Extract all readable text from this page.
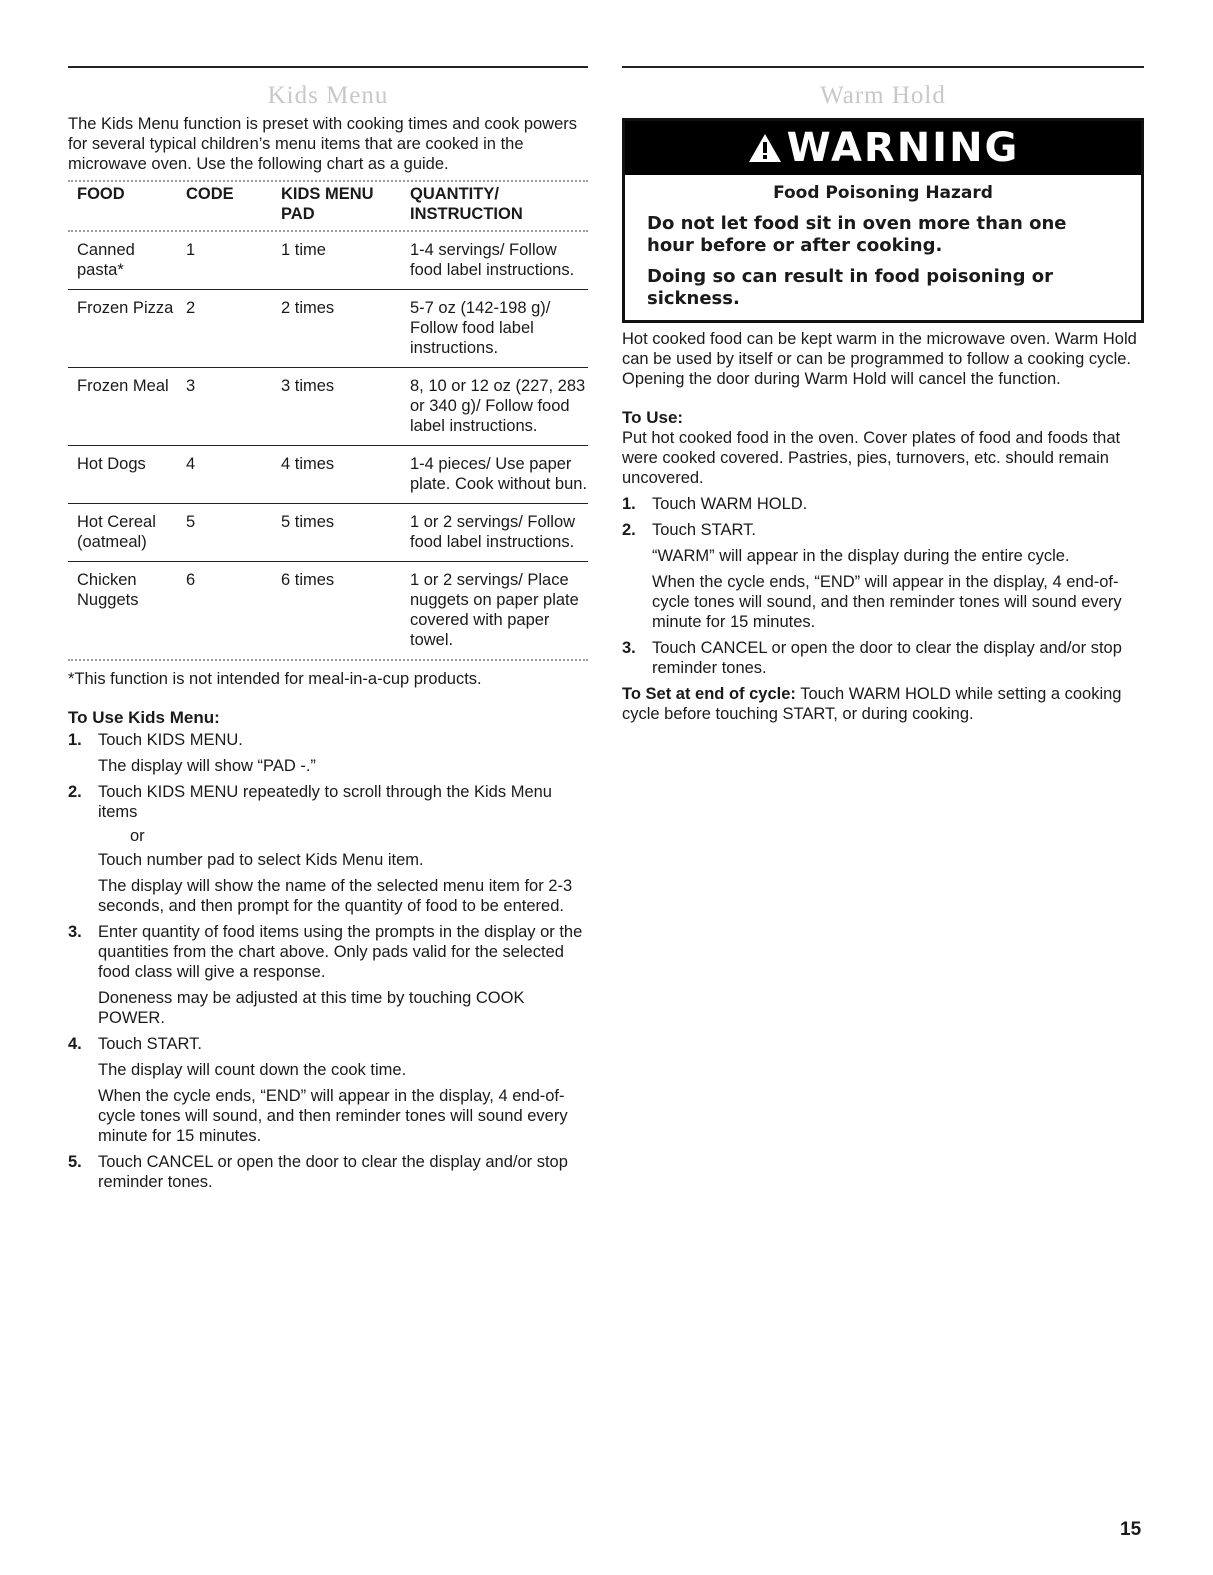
Kids Menu

The Kids Menu function is preset with cooking times and cook powers for several typical children’s menu items that are cooked in the microwave oven. Use the following chart as a guide.

FOOD	CODE	KIDS MENU PAD	QUANTITY/ INSTRUCTION

Canned pasta*	1	1 time	1-4 servings/ Follow food label instructions.
Frozen Pizza	2	2 times	5-7 oz (142-198 g)/ Follow food label instructions.
Frozen Meal	3	3 times	8, 10 or 12 oz (227, 283 or 340 g)/ Follow food label instructions.
Hot Dogs	4	4 times	1-4 pieces/ Use paper plate. Cook without bun.
Hot Cereal (oatmeal)	5	5 times	1 or 2 servings/ Follow food label instructions.
Chicken Nuggets	6	6 times	1 or 2 servings/ Place nuggets on paper plate covered with paper towel.

*This function is not intended for meal-in-a-cup products.

To Use Kids Menu:
1. Touch KIDS MENU.
The display will show “PAD -.”
2. Touch KIDS MENU repeatedly to scroll through the Kids Menu items
or
Touch number pad to select Kids Menu item.
The display will show the name of the selected menu item for 2-3 seconds, and then prompt for the quantity of food to be entered.
3. Enter quantity of food items using the prompts in the display or the quantities from the chart above. Only pads valid for the selected food class will give a response.
Doneness may be adjusted at this time by touching COOK POWER.
4. Touch START.
The display will count down the cook time.
When the cycle ends, “END” will appear in the display, 4 end-of-cycle tones will sound, and then reminder tones will sound every minute for 15 minutes.
5. Touch CANCEL or open the door to clear the display and/or stop reminder tones.
Warm Hold
WARNING
Food Poisoning Hazard
Do not let food sit in oven more than one hour before or after cooking.
Doing so can result in food poisoning or sickness.

Hot cooked food can be kept warm in the microwave oven. Warm Hold can be used by itself or can be programmed to follow a cooking cycle. Opening the door during Warm Hold will cancel the function.

To Use:

Put hot cooked food in the oven. Cover plates of food and foods that were cooked covered. Pastries, pies, turnovers, etc. should remain uncovered.

1. Touch WARM HOLD.
2. Touch START.
“WARM” will appear in the display during the entire cycle.
When the cycle ends, “END” will appear in the display, 4 end-of-cycle tones will sound, and then reminder tones will sound every minute for 15 minutes.
3. Touch CANCEL or open the door to clear the display and/or stop reminder tones.

To Set at end of cycle: Touch WARM HOLD while setting a cooking cycle before touching START, or during cooking.

15
